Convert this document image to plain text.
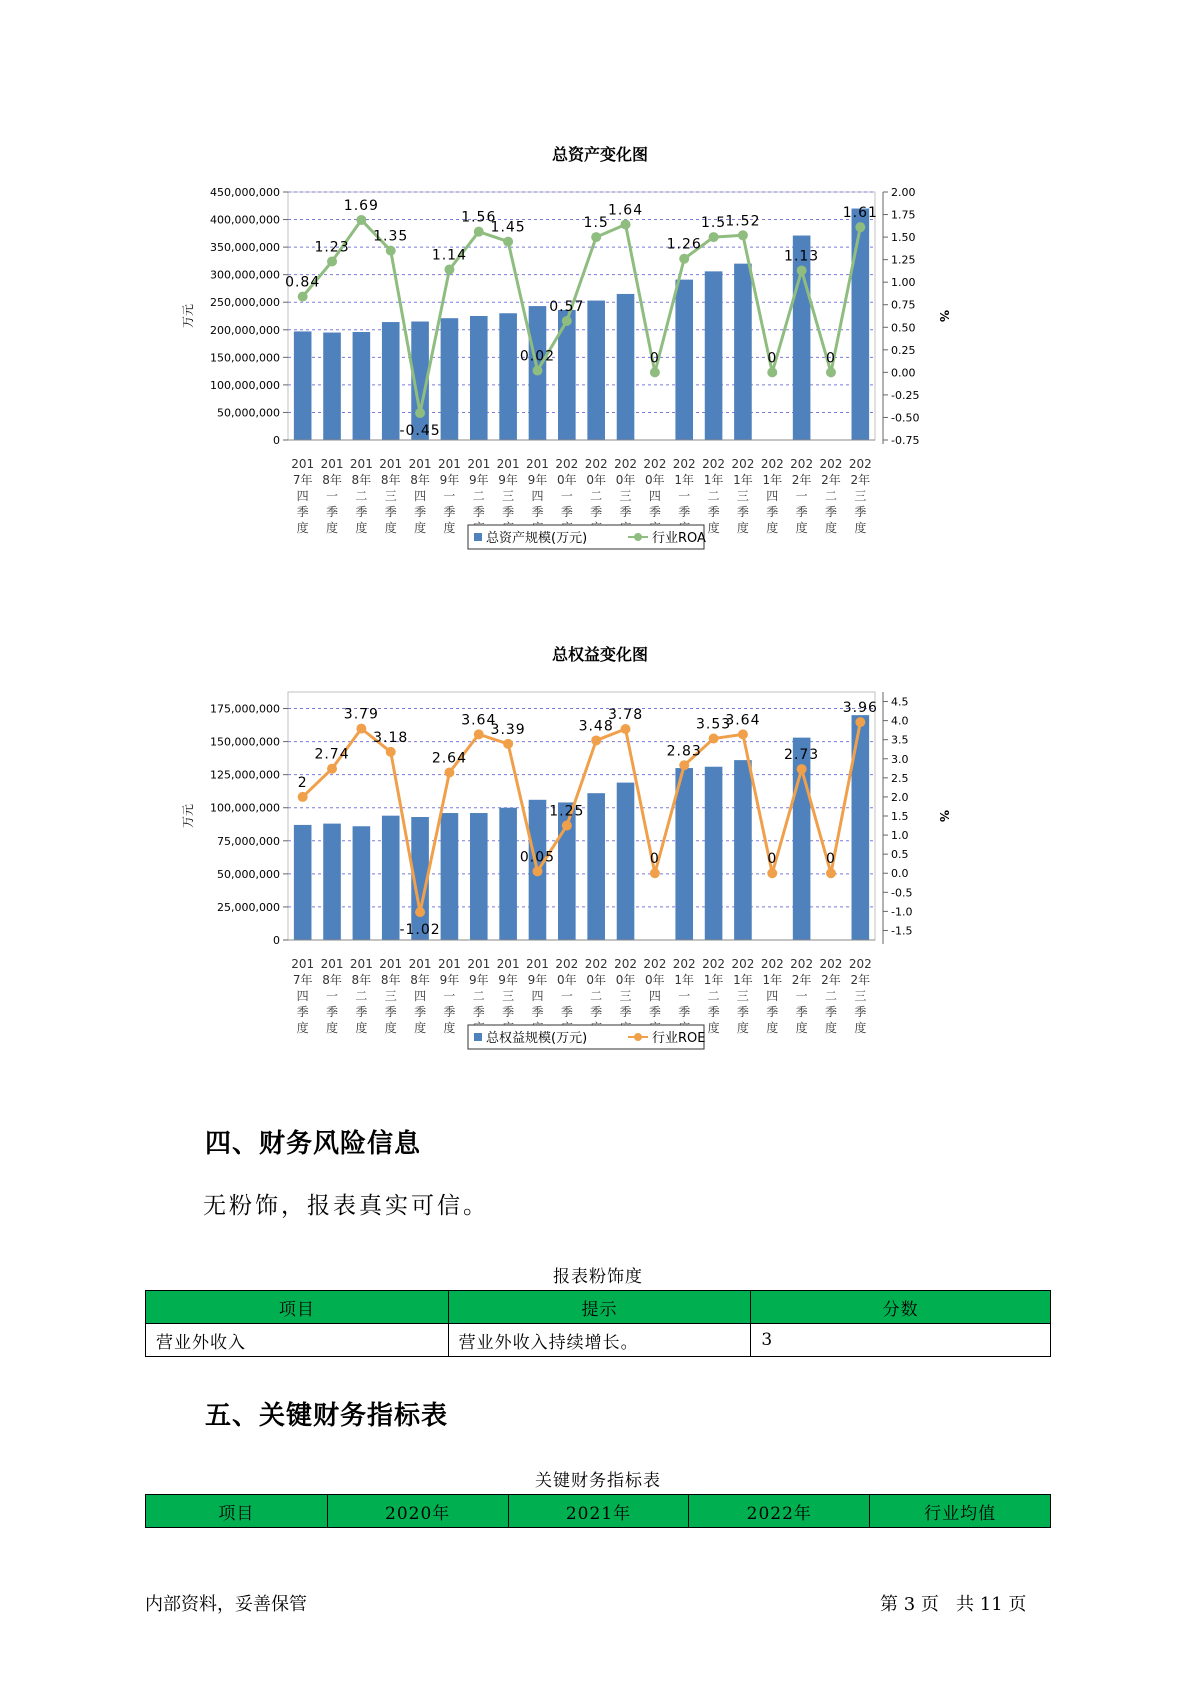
总资产变化图
0
50,000,000
100,000,000
150,000,000
200,000,000
250,000,000
300,000,000
350,000,000
400,000,000
450,000,000
-0.75
-0.50
-0.25
0.00
0.25
0.50
0.75
1.00
1.25
1.50
1.75
2.00
万元	%
201
7年
四
季
度
201
8年
一
季
度
201
8年
二
季
度
201
8年
三
季
度
201
8年
四
季
度
201
9年
一
季
度
201
9年
二
季
201
9年
三
季
201
9年
四
季
202
0年
一
季
202
0年
二
季
202
0年
三
季
202
0年
四
季
202
1年
一
季
202
1年
二
季
度
202
1年
三
季
度
202
1年
四
季
度
202
2年
一
季
度
202
2年
二
季
度
202
2年
三
季
度
0.84
1.23
1.69
1.35
-0.45
1.14
1.56
1.45
0.02
0.57
1.5
1.64
0
1.26
1.5 1.52
0
1.13
0
1.61
总资产规模(万元)	行业ROA
总权益变化图
0
25,000,000
50,000,000
75,000,000
100,000,000
125,000,000
150,000,000
175,000,000
-1.5
-1.0
-0.5
0.0
0.5
1.0
1.5
2.0
2.5
3.0
3.5
4.0
4.5
万元	%
201
7年
四
季
度
201
8年
一
季
度
201
8年
二
季
度
201
8年
三
季
度
201
8年
四
季
度
201
9年
一
季
度
201
9年
二
季
201
9年
三
季
201
9年
四
季
202
0年
一
季
202
0年
二
季
202
0年
三
季
202
0年
四
季
202
1年
一
季
202
1年
二
季
度
202
1年
三
季
度
202
1年
四
季
度
202
2年
一
季
度
202
2年
二
季
度
202
2年
三
季
度
2
2.74
3.79
3.18
-1.02
2.64
3.64
3.39
0.05
1.25
3.48
3.78
0
2.83
3.53
3.64
0
2.73
0
3.96
总权益规模(万元)	行业ROE
四、财务风险信息
无粉饰，报表真实可信。
报表粉饰度
项目	提示	分数
营业外收入	营业外收入持续增长。	3
五、关键财务指标表
关键财务指标表
项目	2020年	2021年	2022年	行业均值
内部资料，妥善保管	第 3 页   共 11 页
